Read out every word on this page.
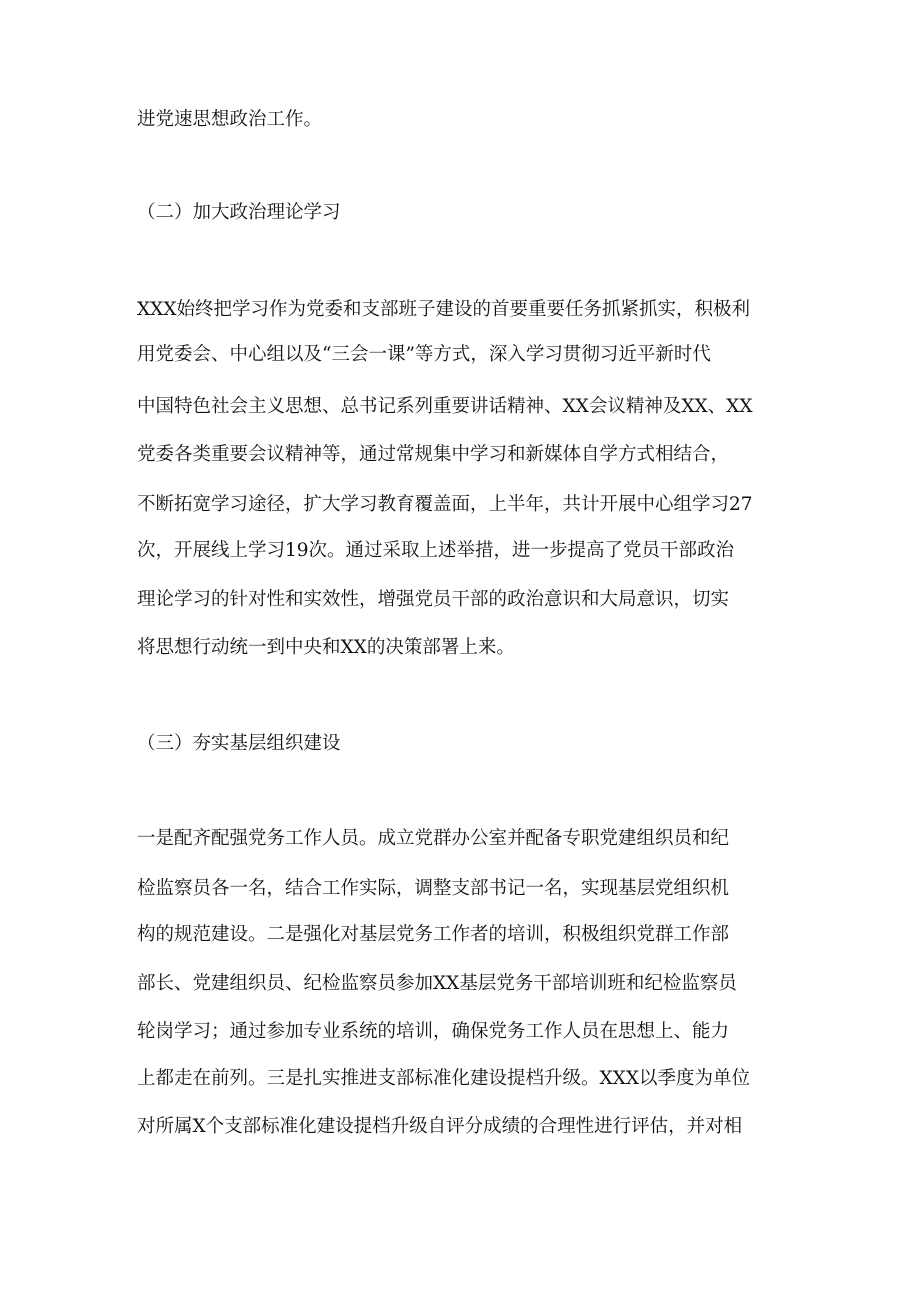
进党速思想政治工作。
（二）加大政治理论学习
XXX始终把学习作为党委和支部班子建设的首要重要任务抓紧抓实，积极利
用党委会、中心组以及“三会一课”等方式，深入学习贯彻习近平新时代
中国特色社会主义思想、总书记系列重要讲话精神、XX会议精神及XX、XX
党委各类重要会议精神等，通过常规集中学习和新媒体自学方式相结合，
不断拓宽学习途径，扩大学习教育覆盖面，上半年，共计开展中心组学习27
次，开展线上学习19次。通过采取上述举措，进一步提高了党员干部政治
理论学习的针对性和实效性，增强党员干部的政治意识和大局意识，切实
将思想行动统一到中央和XX的决策部署上来。
（三）夯实基层组织建设
一是配齐配强党务工作人员。成立党群办公室并配备专职党建组织员和纪
检监察员各一名，结合工作实际，调整支部书记一名，实现基层党组织机
构的规范建设。二是强化对基层党务工作者的培训，积极组织党群工作部
部长、党建组织员、纪检监察员参加XX基层党务干部培训班和纪检监察员
轮岗学习；通过参加专业系统的培训，确保党务工作人员在思想上、能力
上都走在前列。三是扎实推进支部标准化建设提档升级。XXX以季度为单位
对所属X个支部标准化建设提档升级自评分成绩的合理性进行评估，并对相
